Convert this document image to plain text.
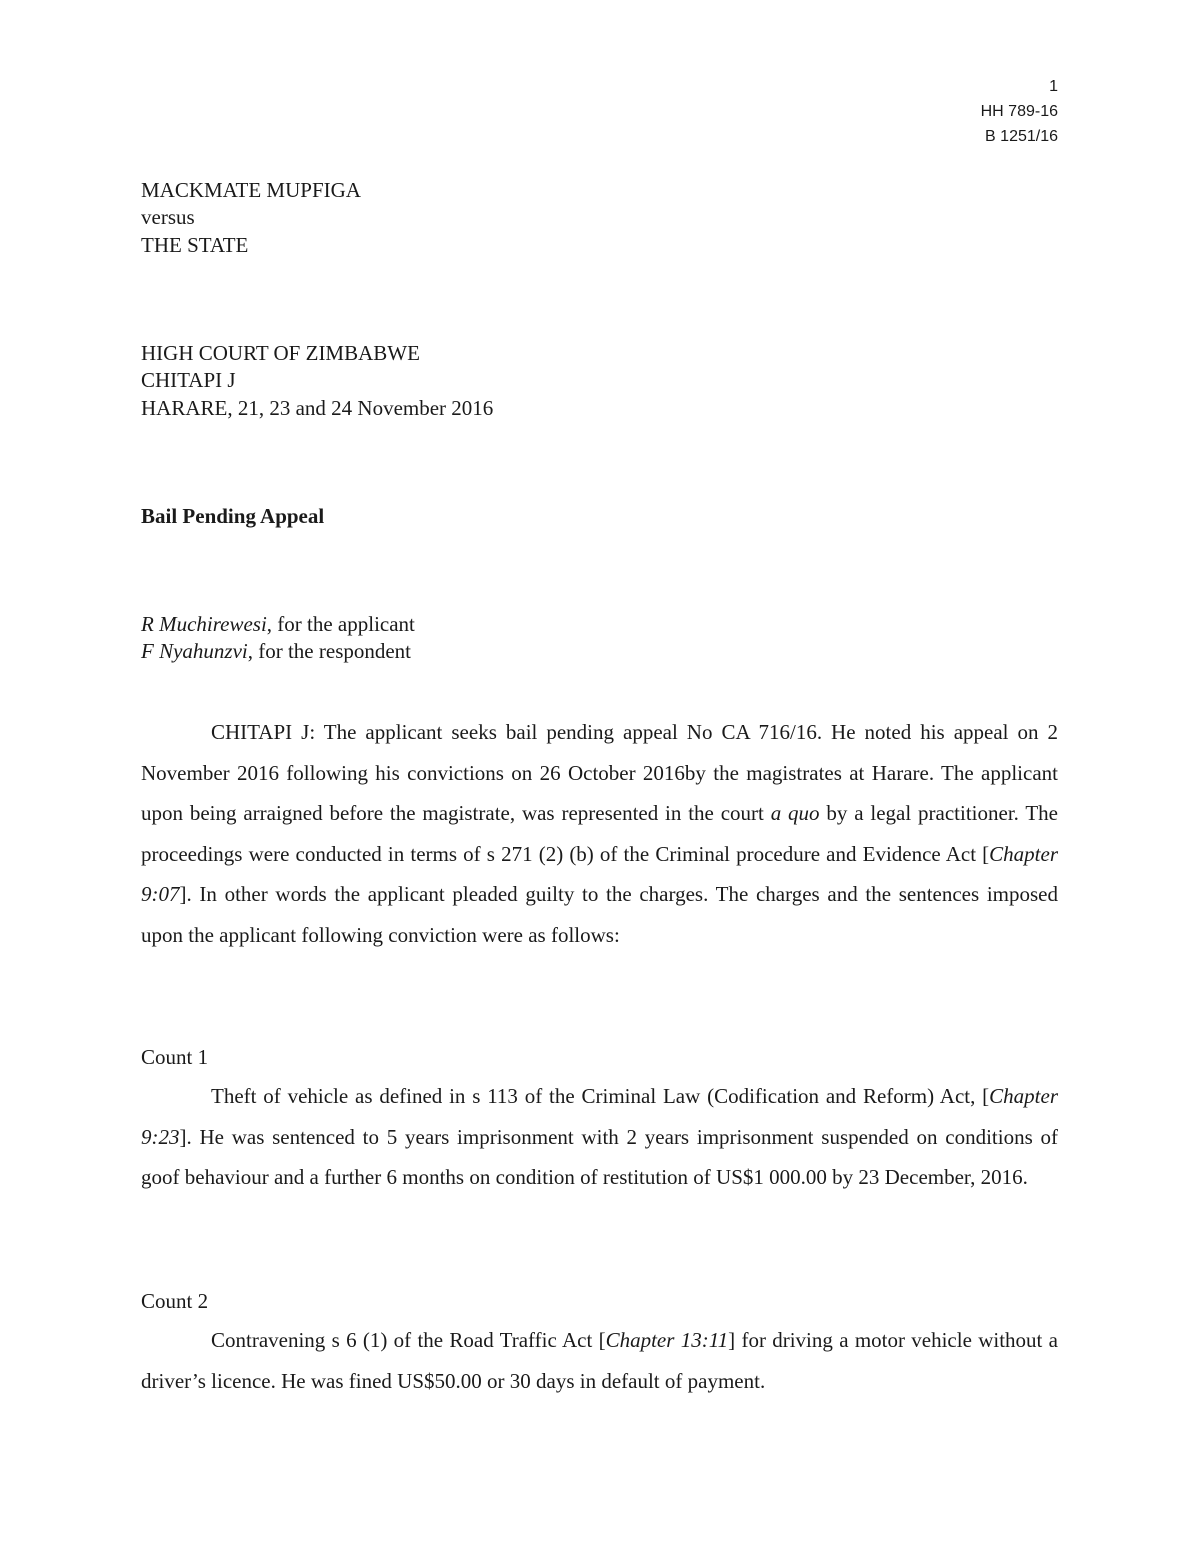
1
HH 789-16
B 1251/16
MACKMATE MUPFIGA
versus
THE STATE
HIGH COURT OF ZIMBABWE
CHITAPI J
HARARE, 21, 23 and 24 November 2016
Bail Pending Appeal
R Muchirewesi, for the applicant
F Nyahunzvi, for the respondent
CHITAPI J: The applicant seeks bail pending appeal No CA 716/16. He noted his appeal on 2 November 2016 following his convictions on 26 October 2016by the magistrates at Harare. The applicant upon being arraigned before the magistrate, was represented in the court a quo by a legal practitioner. The proceedings were conducted in terms of s 271 (2) (b) of the Criminal procedure and Evidence Act [Chapter 9:07]. In other words the applicant pleaded guilty to the charges. The charges and the sentences imposed upon the applicant following conviction were as follows:
Count 1
Theft of vehicle as defined in s 113 of the Criminal Law (Codification and Reform) Act, [Chapter 9:23]. He was sentenced to 5 years imprisonment with 2 years imprisonment suspended on conditions of goof behaviour and a further 6 months on condition of restitution of US$1 000.00 by 23 December, 2016.
Count 2
Contravening s 6 (1) of the Road Traffic Act [Chapter 13:11] for driving a motor vehicle without a driver’s licence. He was fined US$50.00 or 30 days in default of payment.
